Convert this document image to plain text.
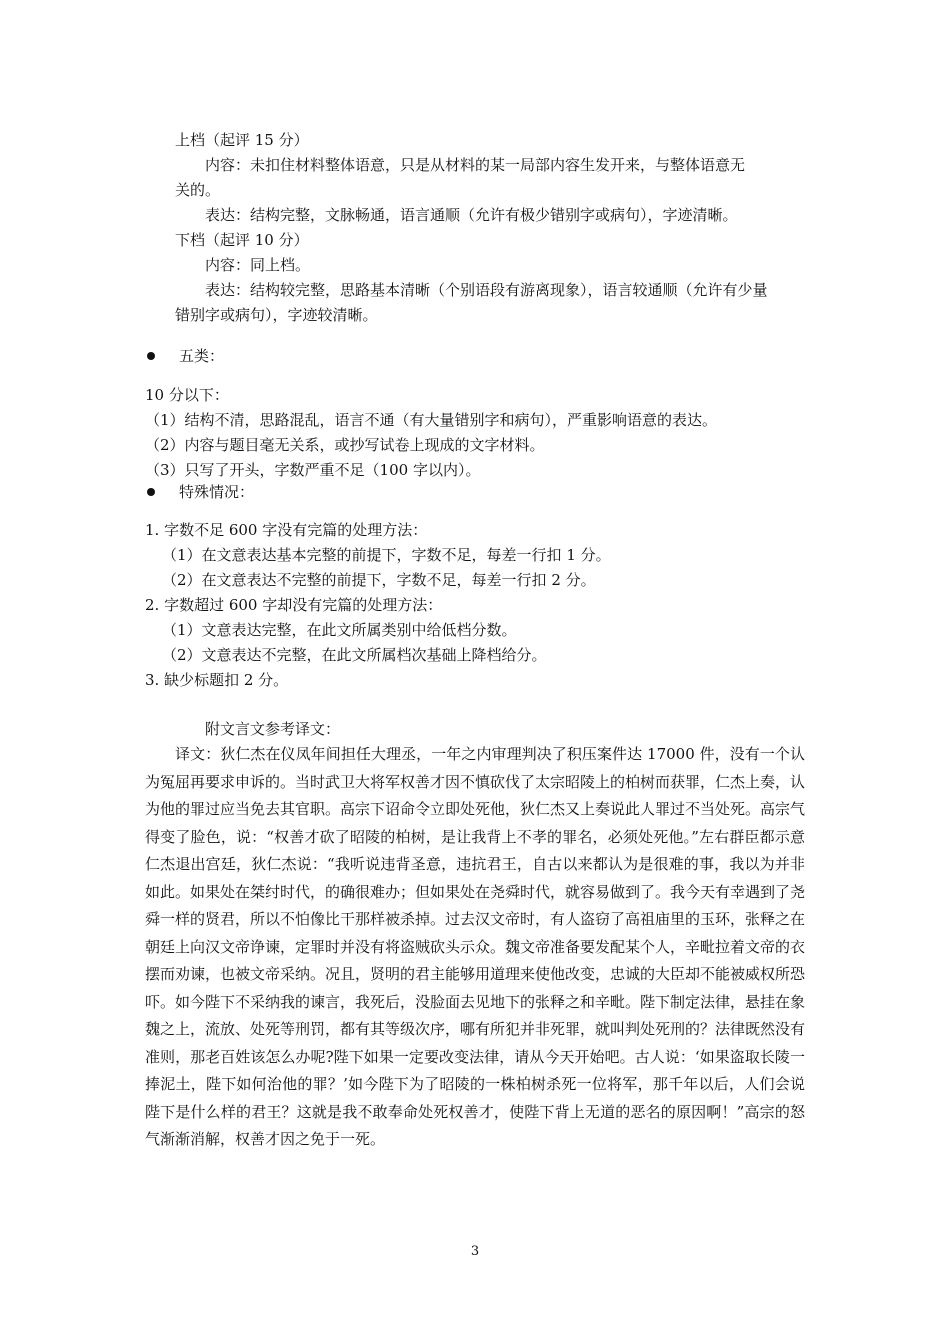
上档（起评 15 分）
内容：未扣住材料整体语意，只是从材料的某一局部内容生发开来，与整体语意无
关的。
表达：结构完整，文脉畅通，语言通顺（允许有极少错别字或病句），字迹清晰。
下档（起评 10 分）
内容：同上档。
表达：结构较完整，思路基本清晰（个别语段有游离现象），语言较通顺（允许有少量
错别字或病句），字迹较清晰。
五类：
10 分以下：
（1）结构不清，思路混乱，语言不通（有大量错别字和病句），严重影响语意的表达。
（2）内容与题目毫无关系，或抄写试卷上现成的文字材料。
（3）只写了开头，字数严重不足（100 字以内）。
特殊情况：
1. 字数不足 600 字没有完篇的处理方法：
（1）在文意表达基本完整的前提下，字数不足，每差一行扣 1 分。
（2）在文意表达不完整的前提下，字数不足，每差一行扣 2 分。
2. 字数超过 600 字却没有完篇的处理方法：
（1）文意表达完整，在此文所属类别中给低档分数。
（2）文意表达不完整，在此文所属档次基础上降档给分。
3. 缺少标题扣 2 分。
附文言文参考译文：
译文：狄仁杰在仪凤年间担任大理丞，一年之内审理判决了积压案件达 17000 件，没有一个认为冤屈再要求申诉的。当时武卫大将军权善才因不慎砍伐了太宗昭陵上的柏树而获罪，仁杰上奏，认为他的罪过应当免去其官职。高宗下诏命令立即处死他，狄仁杰又上奏说此人罪过不当处死。高宗气得变了脸色，说：“权善才砍了昭陵的柏树，是让我背上不孝的罪名，必须处死他。”左右群臣都示意仁杰退出宫廷，狄仁杰说：“我听说违背圣意，违抗君王，自古以来都认为是很难的事，我以为并非如此。如果处在桀纣时代，的确很难办；但如果处在尧舜时代，就容易做到了。我今天有幸遇到了尧舜一样的贤君，所以不怕像比干那样被杀掉。过去汉文帝时，有人盗窃了高祖庙里的玉环，张释之在朝廷上向汉文帝诤谏，定罪时并没有将盗贼砍头示众。魏文帝准备要发配某个人，辛毗拉着文帝的衣摆而劝谏，也被文帝采纳。况且，贤明的君主能够用道理来使他改变，忠诚的大臣却不能被威权所恐吓。如今陛下不采纳我的谏言，我死后，没脸面去见地下的张释之和辛毗。陛下制定法律，悬挂在象魏之上，流放、处死等刑罚，都有其等级次序，哪有所犯并非死罪，就叫判处死刑的？法律既然没有准则，那老百姓该怎么办呢?陛下如果一定要改变法律，请从今天开始吧。古人说：‘如果盗取长陵一捧泥土，陛下如何治他的罪？’如今陛下为了昭陵的一株柏树杀死一位将军，那千年以后，人们会说陛下是什么样的君王？这就是我不敢奉命处死权善才，使陛下背上无道的恶名的原因啊！”高宗的怒气渐渐消解，权善才因之免于一死。
3
